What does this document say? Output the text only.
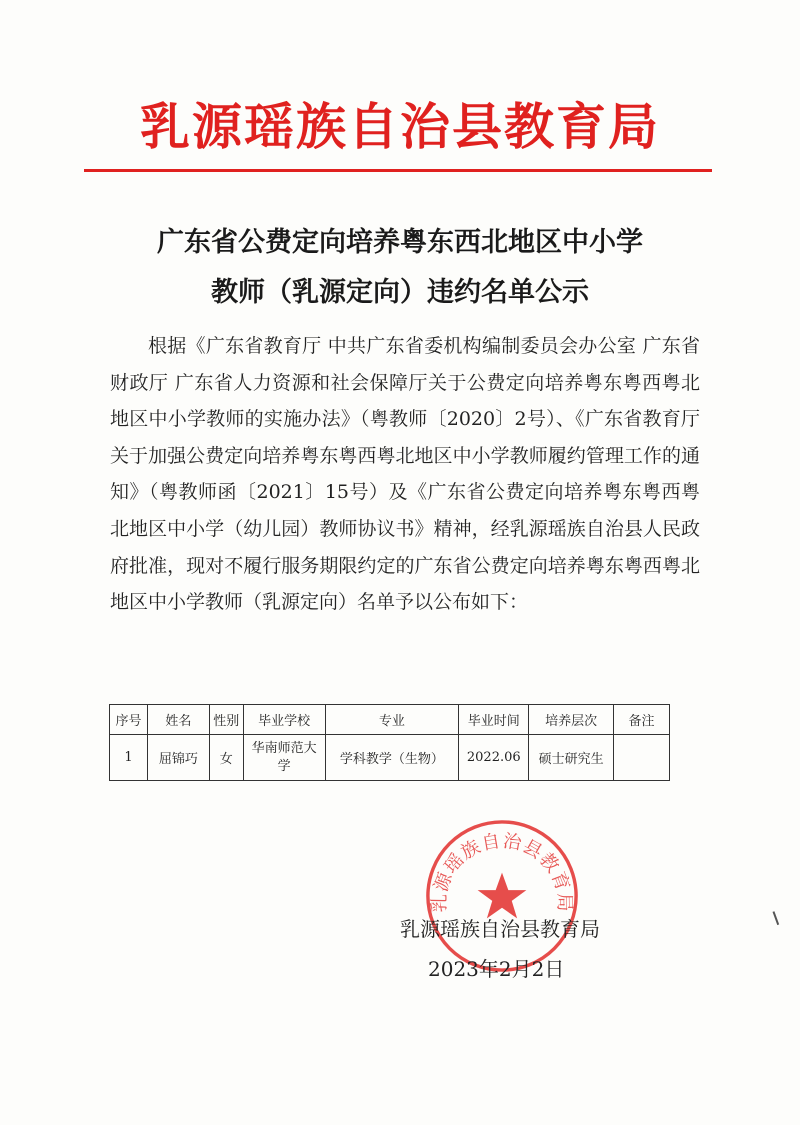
乳源瑶族自治县教育局
广东省公费定向培养粤东西北地区中小学
教师（乳源定向）违约名单公示

根据《广东省教育厅 中共广东省委机构编制委员会办公室 广东省财政厅 广东省人力资源和社会保障厅关于公费定向培养粤东粤西粤北地区中小学教师的实施办法》（粤教师〔2020〕2号）、《广东省教育厅关于加强公费定向培养粤东粤西粤北地区中小学教师履约管理工作的通知》（粤教师函〔2021〕15号）及《广东省公费定向培养粤东粤西粤北地区中小学（幼儿园）教师协议书》精神，经乳源瑶族自治县人民政府批准，现对不履行服务期限约定的广东省公费定向培养粤东粤西粤北地区中小学教师（乳源定向）名单予以公布如下：

序号	姓名	性别	毕业学校	专业	毕业时间	培养层次	备注
1	屈锦巧	女	华南师范大学	学科教学（生物）	2022.06	硕士研究生	
乳源瑶族自治县教育局
乳源瑶族自治县教育局
2023年2月2日
